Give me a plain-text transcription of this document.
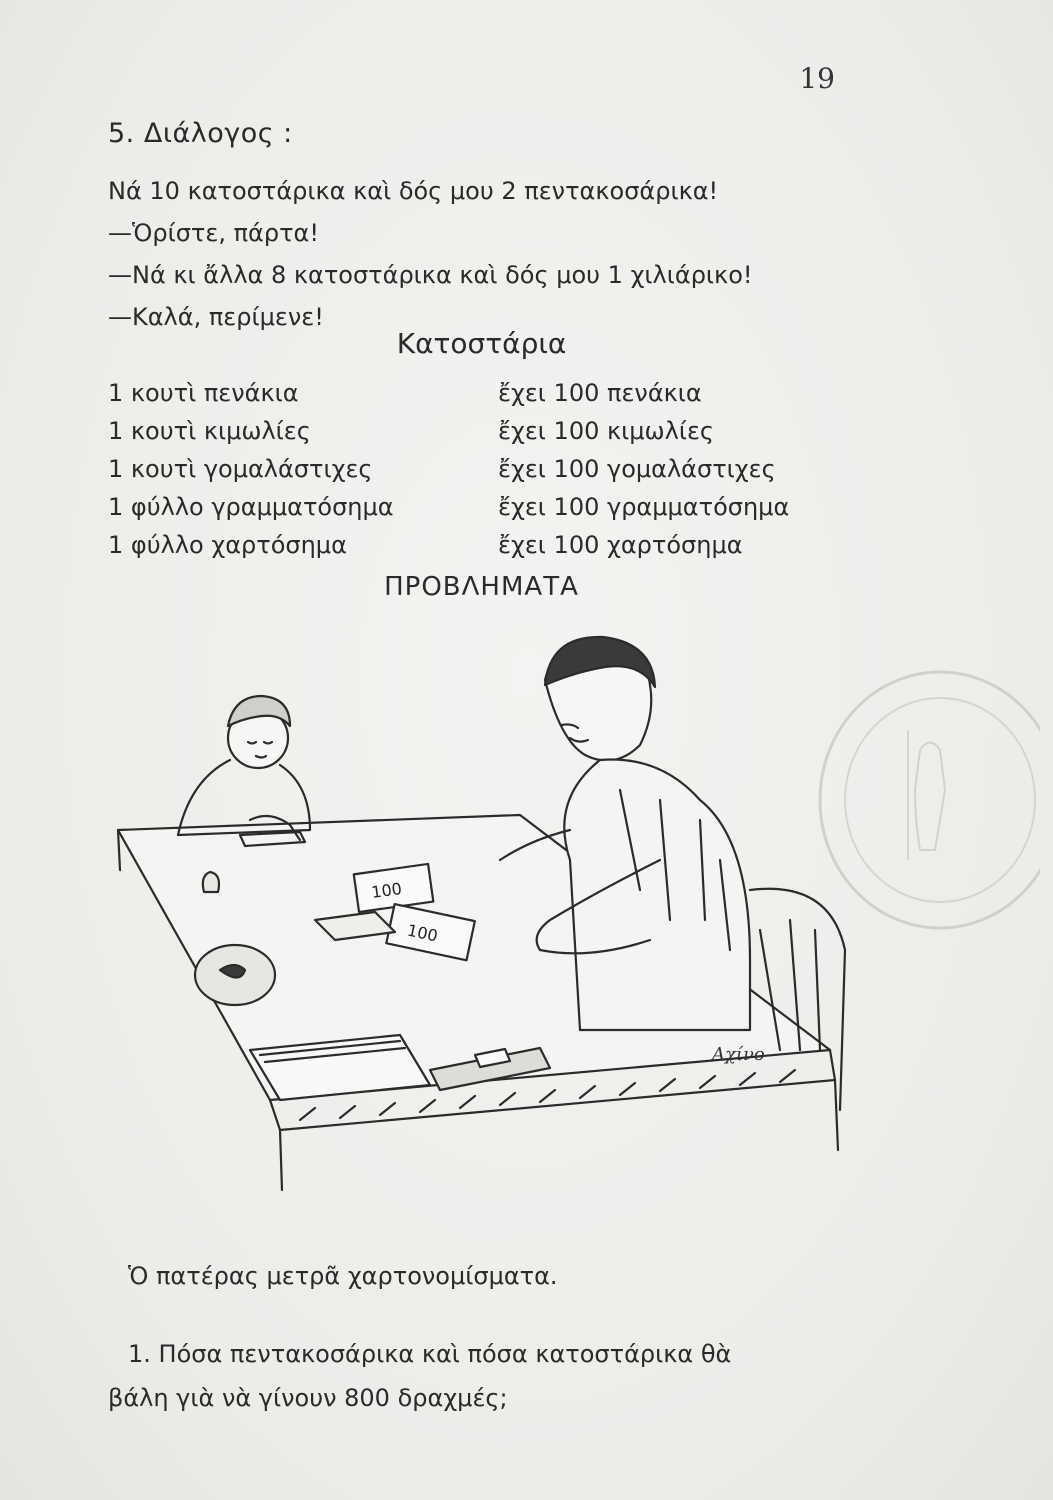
19
5. Διάλογος :
Νά 10 κατοστάρικα καὶ δός μου 2 πεντακοσάρικα!
—Ὁρίστε, πάρτα!
—Νά κι ἄλλα 8 κατοστάρικα καὶ δός μου 1 χιλιάρικο!
—Καλά, περίμενε!
Κατοστάρια
1 κουτὶ πενάκια	ἔχει 100 πενάκια
1 κουτὶ κιμωλίες	ἔχει 100 κιμωλίες
1 κουτὶ γομαλάστιχες	ἔχει 100 γομαλάστιχες
1 φύλλο γραμματόσημα	ἔχει 100 γραμματόσημα
1 φύλλο χαρτόσημα	ἔχει 100 χαρτόσημα
ΠΡΟΒΛΗΜΑΤΑ
100
100
Αχίνο
Ὁ πατέρας μετρᾶ χαρτονομίσματα.
1. Πόσα πεντακοσάρικα καὶ πόσα κατοστάρικα θὰ
βάλη γιὰ νὰ γίνουν 800 δραχμές;
